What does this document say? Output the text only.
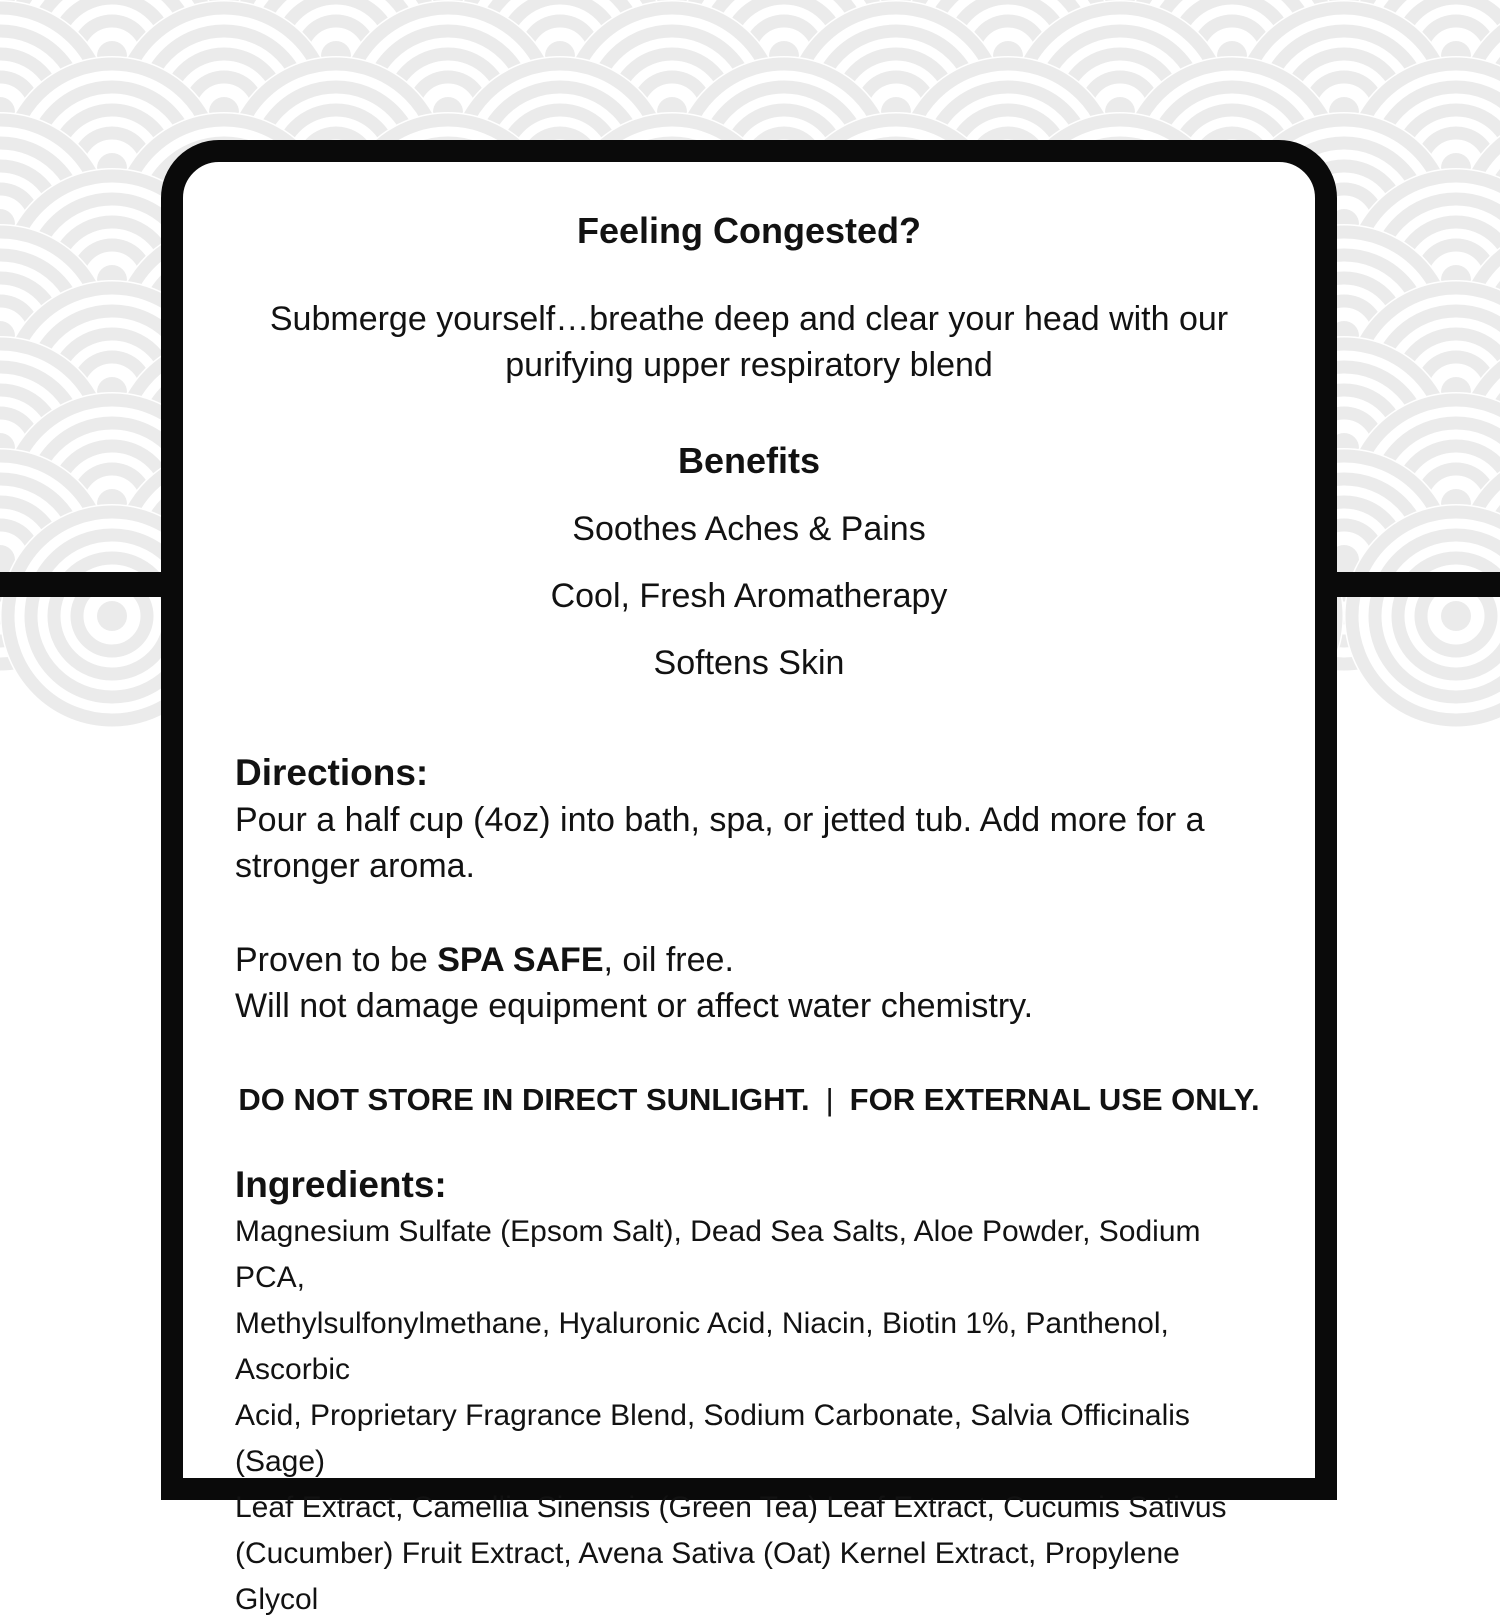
Feeling Congested?
Submerge yourself…breathe deep and clear your head with our
purifying upper respiratory blend
Benefits
Soothes Aches & Pains
Cool, Fresh Aromatherapy
Softens Skin
Directions:
Pour a half cup (4oz) into bath, spa, or jetted tub. Add more for a
stronger aroma.
Proven to be SPA SAFE, oil free.
Will not damage equipment or affect water chemistry.
DO NOT STORE IN DIRECT SUNLIGHT. | FOR EXTERNAL USE ONLY.
Ingredients:
Magnesium Sulfate (Epsom Salt), Dead Sea Salts, Aloe Powder, Sodium PCA,
Methylsulfonylmethane, Hyaluronic Acid, Niacin, Biotin 1%, Panthenol, Ascorbic
Acid, Proprietary Fragrance Blend, Sodium Carbonate, Salvia Officinalis (Sage)
Leaf Extract, Camellia Sinensis (Green Tea) Leaf Extract, Cucumis Sativus
(Cucumber) Fruit Extract, Avena Sativa (Oat) Kernel Extract, Propylene Glycol
